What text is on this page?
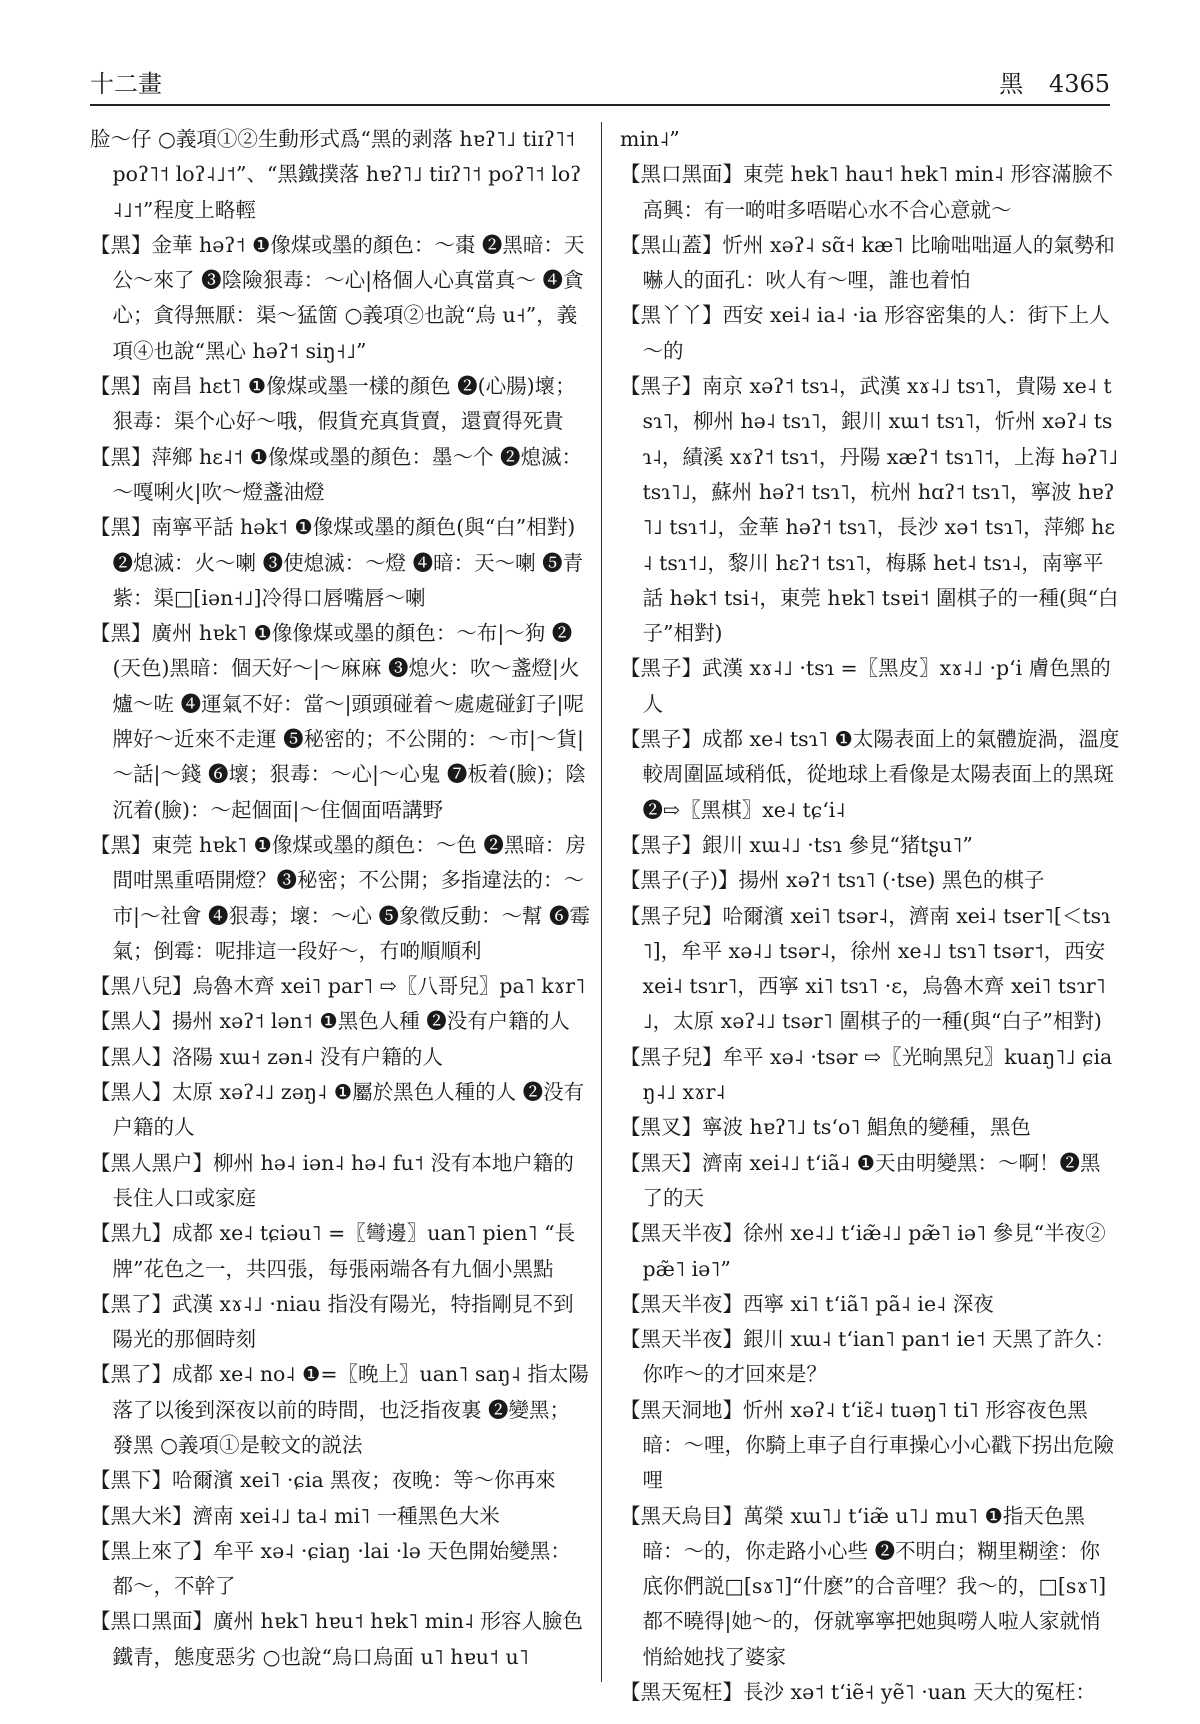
十二畫	黑 4365

脸～仔 ○義項①②生動形式爲“黑的剥落 hɐʔ˥˩ tiɪʔ˥˦ poʔ˥˦ loʔ˨˩˦”、“黑鐵撲落 hɐʔ˥˩ tiɪʔ˥˦ poʔ˥˦ loʔ˨˩˦”程度上略輕

【黑】金華 həʔ˦ ❶像煤或墨的顏色：～棗 ❷黑暗：天公～來了 ❸陰險狠毒：～心|格個人心真當真～ ❹貪心；貪得無厭：渠～猛箇 ○義項②也說“烏 u˧”，義項④也說“黑心 həʔ˦ siŋ˧˩”

【黑】南昌 hɛt˥ ❶像煤或墨一樣的顏色 ❷(心腸)壞；狠毒：渠个心好～哦，假貨充真貨賣，還賣得死貴

【黑】萍鄉 hɛ˨˦ ❶像煤或墨的顏色：墨～个 ❷熄滅：～嘎唎火|吹～燈盞油燈

【黑】南寧平話 hək˦ ❶像煤或墨的顏色(與“白”相對) ❷熄滅：火～喇 ❸使熄滅：～燈 ❹暗：天～喇 ❺青紫：渠□[iən˧˩]冷得口唇嘴唇～喇

【黑】廣州 hɐk˥ ❶像像煤或墨的顏色：～布|～狗 ❷(天色)黑暗：個天好～|～麻麻 ❸熄火：吹～盞燈|火爐～咗 ❹運氣不好：當～|頭頭碰着～處處碰釘子|呢牌好～近來不走運 ❺秘密的；不公開的：～市|～貨|～話|～錢 ❻壞；狠毒：～心|～心鬼 ❼板着(臉)；陰沉着(臉)：～起個面|～住個面唔講野

【黑】東莞 hɐk˥ ❶像煤或墨的顏色：～色 ❷黑暗：房間咁黑重唔開燈？❸秘密；不公開；多指違法的：～市|～社會 ❹狠毒；壞：～心 ❺象徵反動：～幫 ❻霉氣；倒霉：呢排這一段好～，冇啲順順利

【黑八兒】烏魯木齊 xei˥ par˥ ⇨〖八哥兒〗pa˥ kɤr˥

【黑人】揚州 xəʔ˦ lən˦ ❶黑色人種 ❷没有户籍的人

【黑人】洛陽 xɯ˧ zən˨ 没有户籍的人

【黑人】太原 xəʔ˨˩ zəŋ˨ ❶屬於黑色人種的人 ❷没有户籍的人

【黑人黑户】柳州 hə˨ iən˨ hə˨ fu˦ 没有本地户籍的長住人口或家庭

【黑九】成都 xe˨ tɕiəu˥ =〖彎邊〗uan˥ pien˥ “長牌”花色之一，共四張，每張兩端各有九個小黑點

【黑了】武漢 xɤ˨˩ ·niau 指没有陽光，特指剛見不到陽光的那個時刻

【黑了】成都 xe˨ no˨ ❶=〖晚上〗uan˥ saŋ˨ 指太陽落了以後到深夜以前的時間，也泛指夜裏 ❷變黑；發黑 ○義項①是較文的説法

【黑下】哈爾濱 xei˥ ·ɕia 黑夜；夜晚：等～你再來

【黑大米】濟南 xei˨˩ ta˨ mi˥ 一種黑色大米

【黑上來了】牟平 xə˨ ·ɕiaŋ ·lai ·lə 天色開始變黑：都～，不幹了

【黑口黑面】廣州 hɐk˥ hɐu˦ hɐk˥ min˨ 形容人臉色鐵青，態度惡劣 ○也說“烏口烏面 u˥ hɐu˦ u˥

min˨”

【黑口黑面】東莞 hɐk˥ hau˦ hɐk˥ min˨ 形容滿臉不高興：有一啲咁多唔啱心水不合心意就～

【黑山蓋】忻州 xəʔ˨ sɑ̃˧ kæ˥ 比喻咄咄逼人的氣勢和嚇人的面孔：吙人有～哩，誰也着怕

【黑丫丫】西安 xei˨ ia˨ ·ia 形容密集的人：街下上人～的

【黑子】南京 xəʔ˦ tsɿ˨，武漢 xɤ˨˩ tsɿ˥，貴陽 xe˨ tsɿ˥，柳州 hə˨ tsɿ˥，銀川 xɯ˦ tsɿ˥，忻州 xəʔ˨ tsɿ˨，績溪 xɤʔ˦ tsɿ˦，丹陽 xæʔ˦ tsɿ˥˦，上海 həʔ˥˩ tsɿ˥˩，蘇州 həʔ˦ tsɿ˥，杭州 hɑʔ˦ tsɿ˥，寧波 hɐʔ˥˩ tsɿ˦˩，金華 həʔ˦ tsɿ˥，長沙 xə˦ tsɿ˥，萍鄉 hɛ˨ tsɿ˦˩，黎川 hɛʔ˦ tsɿ˥，梅縣 het˨ tsɿ˨，南寧平話 hək˦ tsi˧，東莞 hɐk˥ tsɐi˦ 圍棋子的一種(與“白子”相對)

【黑子】武漢 xɤ˨˩ ·tsɿ =〖黑皮〗xɤ˨˩ ·pʻi 膚色黑的人

【黑子】成都 xe˨ tsɿ˥ ❶太陽表面上的氣體旋渦，溫度較周圍區域稍低，從地球上看像是太陽表面上的黑斑 ❷⇨〖黑棋〗xe˨ tɕʻi˨

【黑子】銀川 xɯ˨˩ ·tsɿ 參見“猪tʂu˥”

【黑子(子)】揚州 xəʔ˦ tsɿ˥ (·tse) 黑色的棋子

【黑子兒】哈爾濱 xei˥ tsər˨，濟南 xei˨ tser˥[＜tsɿ˥]，牟平 xə˨˩ tsər˨，徐州 xe˨˩ tsɿ˥ tsər˦，西安 xei˨ tsɿr˥，西寧 xi˥ tsɿ˥ ·ɛ，烏魯木齊 xei˥ tsɿr˥˩，太原 xəʔ˨˩ tsər˥ 圍棋子的一種(與“白子”相對)

【黑子兒】牟平 xə˨ ·tsər ⇨〖光晌黑兒〗kuaŋ˥˩ ɕiaŋ˨˩ xɤr˨

【黑叉】寧波 hɐʔ˥˩ tsʻo˥ 鯧魚的變種，黑色

【黑天】濟南 xei˨˩ tʻiã˨ ❶天由明變黑：～啊！❷黑了的天

【黑天半夜】徐州 xe˨˩ tʻiæ̃˨˩ pæ̃˥ iə˥ 參見“半夜② pæ̃˥ iə˥”

【黑天半夜】西寧 xi˥ tʻiã˥ pã˨ ie˨ 深夜

【黑天半夜】銀川 xɯ˨ tʻian˥ pan˦ ie˦ 天黑了許久：你咋～的才回來是？

【黑天洞地】忻州 xəʔ˨ tʻiɛ̃˨ tuəŋ˥ ti˥ 形容夜色黑暗：～哩，你騎上車子自行車操心小心戳下拐出危險哩

【黑天烏目】萬榮 xɯ˥˩ tʻiæ̃ u˥˩ mu˥ ❶指天色黑暗：～的，你走路小心些 ❷不明白；糊里糊塗：你底你們説□[sɤ˥]“什麽”的合音哩？我～的，□[sɤ˥]都不曉得|她～的，伢就寧寧把她與嘮人啦人家就悄悄給她找了婆家

【黑天冤枉】長沙 xə˦ tʻiẽ˧ yẽ˥ ·uan 天大的冤枉：
